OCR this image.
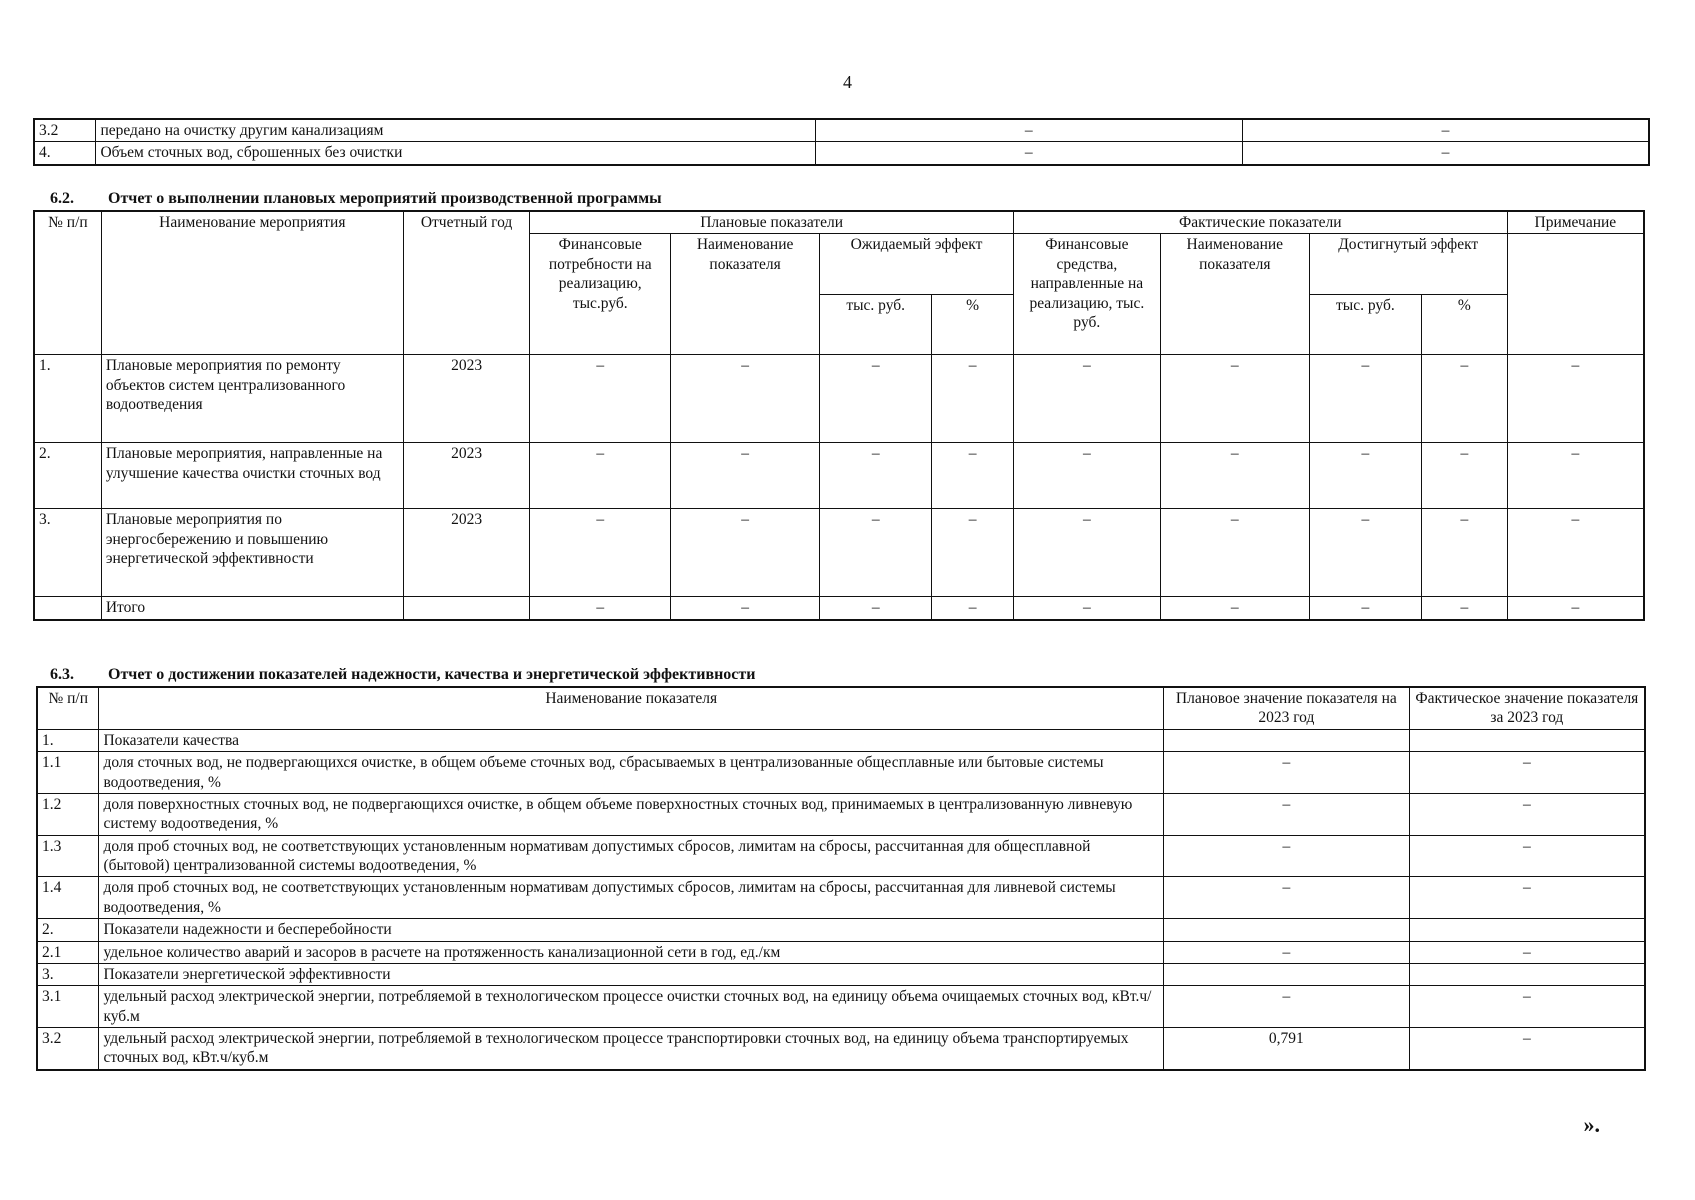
4
3.2	передано на очистку другим канализациям	–	–
4.	Объем сточных вод, сброшенных без очистки	–	–
6.2. Отчет о выполнении плановых мероприятий производственной программы
№ п/п	Наименование мероприятия	Отчетный год	Плановые показатели				Фактические показатели				Примечание
			Финансовые потребности на реализацию, тыс.руб.	Наименование показателя	Ожидаемый эффект		Финансовые средства, направленные на реализацию, тыс. руб.	Наименование показателя	Достигнутый эффект		
					тыс. руб.	%			тыс. руб.	%	
1.	Плановые мероприятия по ремонту объектов систем централизованного водоотведения	2023	–	–	–	–	–	–	–	–	–
2.	Плановые мероприятия, направленные на улучшение качества очистки сточных вод	2023	–	–	–	–	–	–	–	–	–
3.	Плановые мероприятия по энергосбережению и повышению энергетической эффективности	2023	–	–	–	–	–	–	–	–	–
	Итого		–	–	–	–	–	–	–	–	–
6.3. Отчет о достижении показателей надежности, качества и энергетической эффективности
№ п/п	Наименование показателя	Плановое значение показателя на 2023 год	Фактическое значение показателя за 2023 год
1.	Показатели качества		
1.1	доля сточных вод, не подвергающихся очистке, в общем объеме сточных вод, сбрасываемых в централизованные общесплавные или бытовые системы водоотведения, %	–	–
1.2	доля поверхностных сточных вод, не подвергающихся очистке, в общем объеме поверхностных сточных вод, принимаемых в централизованную ливневую систему водоотведения, %	–	–
1.3	доля проб сточных вод, не соответствующих установленным нормативам допустимых сбросов, лимитам на сбросы, рассчитанная для общесплавной (бытовой) централизованной системы водоотведения, %	–	–
1.4	доля проб сточных вод, не соответствующих установленным нормативам допустимых сбросов, лимитам на сбросы, рассчитанная для ливневой системы водоотведения, %	–	–
2.	Показатели надежности и бесперебойности		
2.1	удельное количество аварий и засоров в расчете на протяженность канализационной сети в год, ед./км	–	–
3.	Показатели энергетической эффективности		
3.1	удельный расход электрической энергии, потребляемой в технологическом процессе очистки сточных вод, на единицу объема очищаемых сточных вод, кВт.ч/куб.м	–	–
3.2	удельный расход электрической энергии, потребляемой в технологическом процессе транспортировки сточных вод, на единицу объема транспортируемых сточных вод, кВт.ч/куб.м	0,791	–
».
